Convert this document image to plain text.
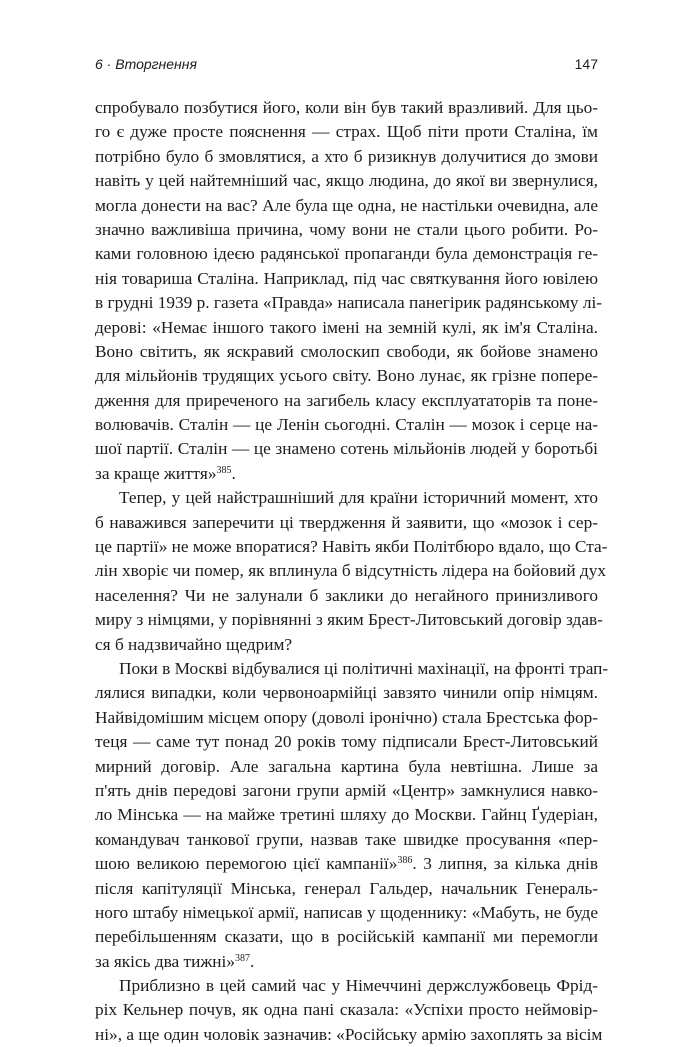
6 · Вторгнення	147
спробувало позбутися його, коли він був такий вразливий. Для цьо-
го є дуже просте пояснення — страх. Щоб піти проти Сталіна, їм
потрібно було б змовлятися, а хто б ризикнув долучитися до змови
навіть у цей найтемніший час, якщо людина, до якої ви звернулися,
могла донести на вас? Але була ще одна, не настільки очевидна, але
значно важливіша причина, чому вони не стали цього робити. Ро-
ками головною ідеєю радянської пропаганди була демонстрація ге-
нія товариша Сталіна. Наприклад, під час святкування його ювілею
в грудні 1939 р. газета «Правда» написала панегірик радянському лі-
дерові: «Немає іншого такого імені на земній кулі, як ім'я Сталіна.
Воно світить, як яскравий смолоскип свободи, як бойове знамено
для мільйонів трудящих усього світу. Воно лунає, як грізне попере-
дження для приреченого на загибель класу експлуататорів та поне-
волювачів. Сталін — це Ленін сьогодні. Сталін — мозок і серце на-
шої партії. Сталін — це знамено сотень мільйонів людей у боротьбі
за краще життя»$^{385}$.
Тепер, у цей найстрашніший для країни історичний момент, хто
б наважився заперечити ці твердження й заявити, що «мозок і сер-
це партії» не може впоратися? Навіть якби Політбюро вдало, що Ста-
лін хворіє чи помер, як вплинула б відсутність лідера на бойовий дух
населення? Чи не залунали б заклики до негайного принизливого
миру з німцями, у порівнянні з яким Брест-Литовський договір здав-
ся б надзвичайно щедрим?
Поки в Москві відбувалися ці політичні махінації, на фронті трап-
лялися випадки, коли червоноармійці завзято чинили опір німцям.
Найвідомішим місцем опору (доволі іронічно) стала Брестська фор-
теця — саме тут понад 20 років тому підписали Брест-Литовський
мирний договір. Але загальна картина була невтішна. Лише за
п'ять днів передові загони групи армій «Центр» замкнулися навко-
ло Мінська — на майже третині шляху до Москви. Гайнц Ґудеріан,
командувач танкової групи, назвав таке швидке просування «пер-
шою великою перемогою цієї кампанії»$^{386}$. 3 липня, за кілька днів
після капітуляції Мінська, генерал Гальдер, начальник Генераль-
ного штабу німецької армії, написав у щоденнику: «Мабуть, не буде
перебільшенням сказати, що в російській кампанії ми перемогли
за якісь два тижні»$^{387}$.
Приблизно в цей самий час у Німеччині держслужбовець Фрід-
ріх Кельнер почув, як одна пані сказала: «Успіхи просто неймовір-
ні», а ще один чоловік зазначив: «Російську армію захоплять за вісім
